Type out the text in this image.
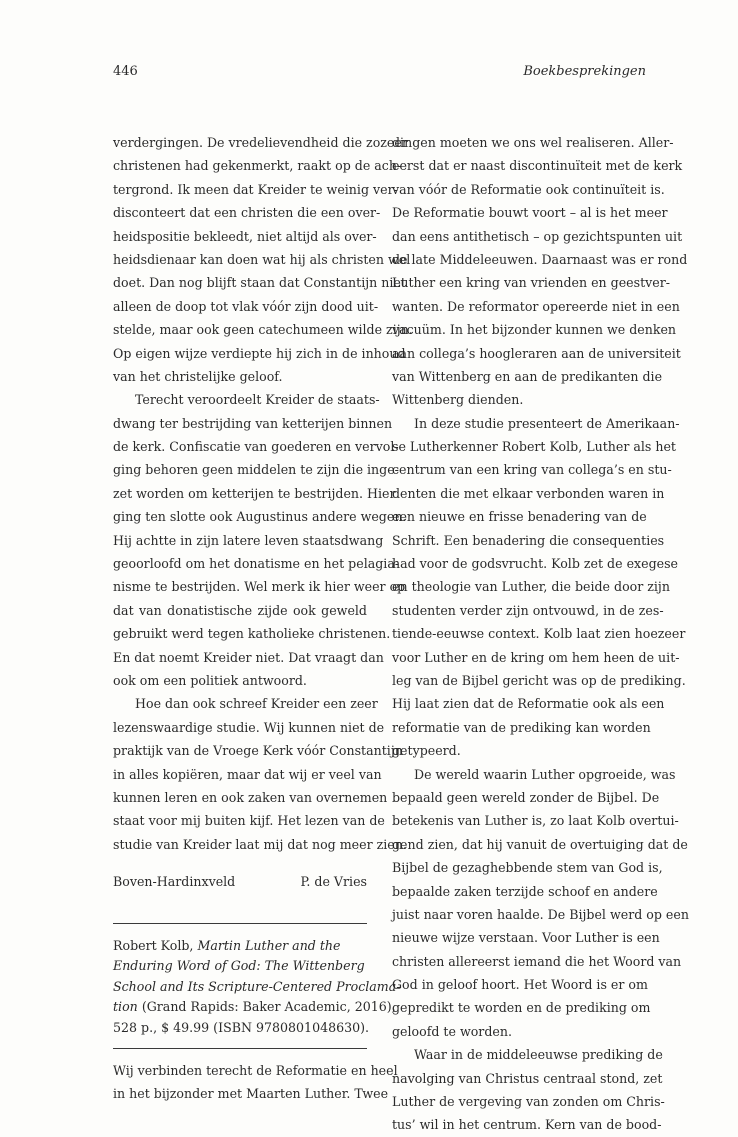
446	Boekbesprekingen
verdergingen. De vredelievendheid die zozeer
christenen had gekenmerkt, raakt op de ach-
tergrond. Ik meen dat Kreider te weinig ver-
disconteert dat een christen die een over-
heidspositie bekleedt, niet altijd als over-
heidsdienaar kan doen wat hij als christen wel
doet. Dan nog blijft staan dat Constantijn niet
alleen de doop tot vlak vóór zijn dood uit-
stelde, maar ook geen catechumeen wilde zijn.
Op eigen wijze verdiepte hij zich in de inhoud
van het christelijke geloof.
Terecht veroordeelt Kreider de staats-
dwang ter bestrijding van ketterijen binnen
de kerk. Confiscatie van goederen en vervol-
ging behoren geen middelen te zijn die inge-
zet worden om ketterijen te bestrijden. Hier
ging ten slotte ook Augustinus andere wegen.
Hij achtte in zijn latere leven staatsdwang
geoorloofd om het donatisme en het pelagia-
nisme te bestrijden. Wel merk ik hier weer op
dat van donatistische zijde ook geweld
gebruikt werd tegen katholieke christenen.
En dat noemt Kreider niet. Dat vraagt dan
ook om een politiek antwoord.
Hoe dan ook schreef Kreider een zeer
lezenswaardige studie. Wij kunnen niet de
praktijk van de Vroege Kerk vóór Constantijn
in alles kopiëren, maar dat wij er veel van
kunnen leren en ook zaken van overnemen
staat voor mij buiten kijf. Het lezen van de
studie van Kreider laat mij dat nog meer zien.
Boven-Hardinxveld	P. de Vries
Robert Kolb, Martin Luther and the
Enduring Word of God: The Wittenberg
School and Its Scripture-Centered Proclama-
tion (Grand Rapids: Baker Academic, 2016),
528 p., $ 49.99 (ISBN 9780801048630).
Wij verbinden terecht de Reformatie en heel
in het bijzonder met Maarten Luther. Twee
dingen moeten we ons wel realiseren. Aller-
eerst dat er naast discontinuïteit met de kerk
van vóór de Reformatie ook continuïteit is.
De Reformatie bouwt voort – al is het meer
dan eens antithetisch – op gezichtspunten uit
de late Middeleeuwen. Daarnaast was er rond
Luther een kring van vrienden en geestver-
wanten. De reformator opereerde niet in een
vacuüm. In het bijzonder kunnen we denken
aan collega’s hoogleraren aan de universiteit
van Wittenberg en aan de predikanten die
Wittenberg dienden.
In deze studie presenteert de Amerikaan-
se Lutherkenner Robert Kolb, Luther als het
centrum van een kring van collega’s en stu-
denten die met elkaar verbonden waren in
een nieuwe en frisse benadering van de
Schrift. Een benadering die consequenties
had voor de godsvrucht. Kolb zet de exegese
en theologie van Luther, die beide door zijn
studenten verder zijn ontvouwd, in de zes-
tiende-eeuwse context. Kolb laat zien hoezeer
voor Luther en de kring om hem heen de uit-
leg van de Bijbel gericht was op de prediking.
Hij laat zien dat de Reformatie ook als een
reformatie van de prediking kan worden
getypeerd.
De wereld waarin Luther opgroeide, was
bepaald geen wereld zonder de Bijbel. De
betekenis van Luther is, zo laat Kolb overtui-
gend zien, dat hij vanuit de overtuiging dat de
Bijbel de gezaghebbende stem van God is,
bepaalde zaken terzijde schoof en andere
juist naar voren haalde. De Bijbel werd op een
nieuwe wijze verstaan. Voor Luther is een
christen allereerst iemand die het Woord van
God in geloof hoort. Het Woord is er om
gepredikt te worden en de prediking om
geloofd te worden.
Waar in de middeleeuwse prediking de
navolging van Christus centraal stond, zet
Luther de vergeving van zonden om Chris-
tus’ wil in het centrum. Kern van de bood-
